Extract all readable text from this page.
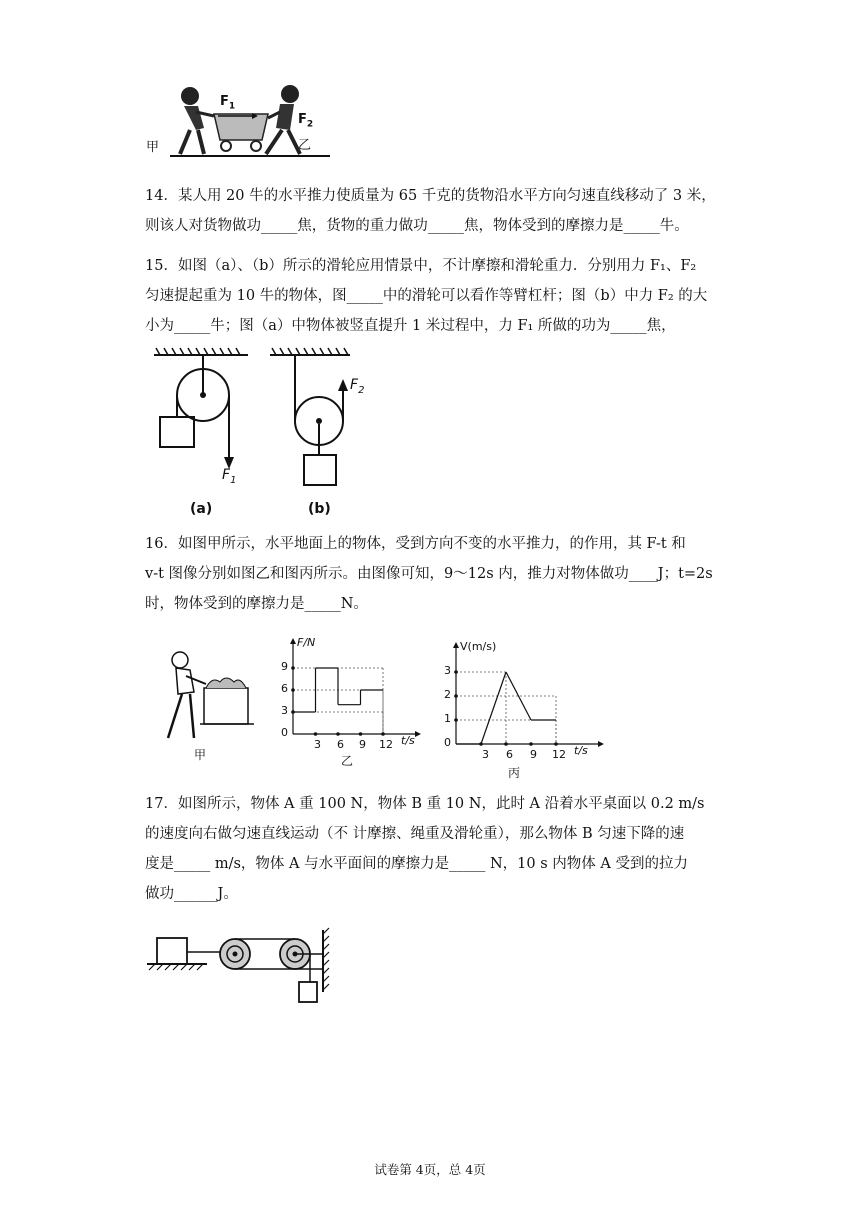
甲
$F_1$
$F_2$
乙
14．某人用 20 牛的水平推力使质量为 65 千克的货物沿水平方向匀速直线移动了 3 米，
则该人对货物做功_____焦，货物的重力做功_____焦，物体受到的摩擦力是_____牛。
15．如图（a）、（b）所示的滑轮应用情景中，不计摩擦和滑轮重力．分别用力 F₁、F₂
匀速提起重为 10 牛的物体，图_____中的滑轮可以看作等臂杠杆；图（b）中力 F₂ 的大
小为_____牛；图（a）中物体被竖直提升 1 米过程中，力 F₁ 所做的功为_____焦，
$F_1$
$F_2$
(a)	(b)
16．如图甲所示，水平地面上的物体，受到方向不变的水平推力，的作用，其 F-t 和
v-t 图像分别如图乙和图丙所示。由图像可知，9～12s 内，推力对物体做功____J；t=2s
时，物体受到的摩擦力是_____N。
甲
F/N
9
6
3
0
3 6 9 12 t/s
乙
V(m/s)
3
2
1
0
3 6 9 12 t/s
丙
17．如图所示，物体 A 重 100 N，物体 B 重 10 N，此时 A 沿着水平桌面以 0.2 m/s
的速度向右做匀速直线运动（不 计摩擦、绳重及滑轮重），那么物体 B 匀速下降的速
度是_____ m/s，物体 A 与水平面间的摩擦力是_____ N，10 s 内物体 A 受到的拉力
做功______J。
试卷第 4页，总 4页
